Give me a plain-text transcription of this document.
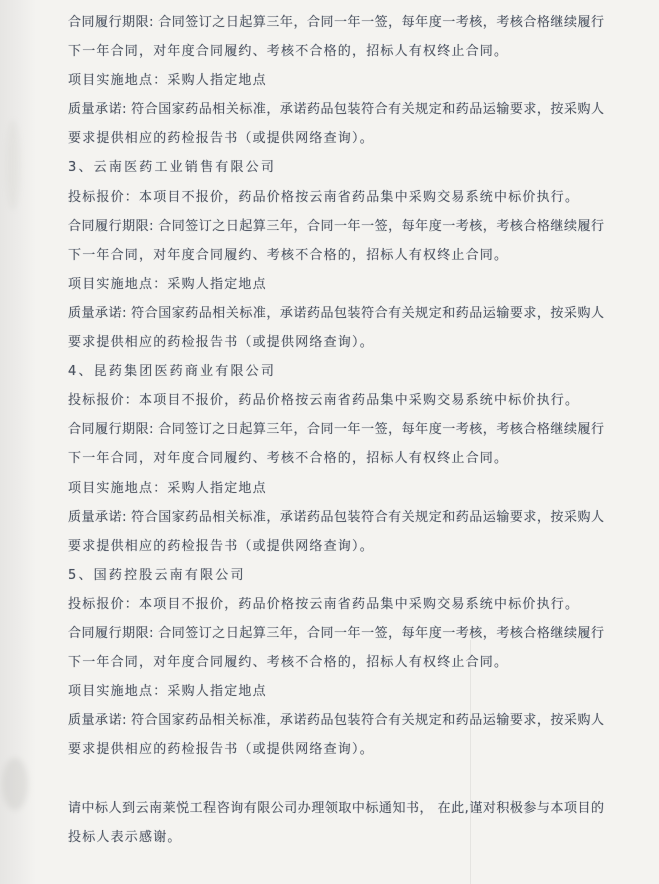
合同履行期限: 合同签订之日起算三年，合同一年一签，每年度一考核，考核合格继续履行
下一年合同，对年度合同履约、考核不合格的，招标人有权终止合同。
项目实施地点：采购人指定地点
质量承诺: 符合国家药品相关标准，承诺药品包装符合有关规定和药品运输要求，按采购人
要求提供相应的药检报告书（或提供网络查询）。
3、云南医药工业销售有限公司
投标报价：本项目不报价，药品价格按云南省药品集中采购交易系统中标价执行。
合同履行期限: 合同签订之日起算三年，合同一年一签，每年度一考核，考核合格继续履行
下一年合同，对年度合同履约、考核不合格的，招标人有权终止合同。
项目实施地点：采购人指定地点
质量承诺: 符合国家药品相关标准，承诺药品包装符合有关规定和药品运输要求，按采购人
要求提供相应的药检报告书（或提供网络查询）。
4、昆药集团医药商业有限公司
投标报价：本项目不报价，药品价格按云南省药品集中采购交易系统中标价执行。
合同履行期限: 合同签订之日起算三年，合同一年一签，每年度一考核，考核合格继续履行
下一年合同，对年度合同履约、考核不合格的，招标人有权终止合同。
项目实施地点：采购人指定地点
质量承诺: 符合国家药品相关标准，承诺药品包装符合有关规定和药品运输要求，按采购人
要求提供相应的药检报告书（或提供网络查询）。
5、国药控股云南有限公司
投标报价：本项目不报价，药品价格按云南省药品集中采购交易系统中标价执行。
合同履行期限: 合同签订之日起算三年，合同一年一签，每年度一考核，考核合格继续履行
下一年合同，对年度合同履约、考核不合格的，招标人有权终止合同。
项目实施地点：采购人指定地点
质量承诺: 符合国家药品相关标准，承诺药品包装符合有关规定和药品运输要求，按采购人
要求提供相应的药检报告书（或提供网络查询）。
请中标人到云南莱悦工程咨询有限公司办理领取中标通知书， 在此,谨对积极参与本项目的
投标人表示感谢。
